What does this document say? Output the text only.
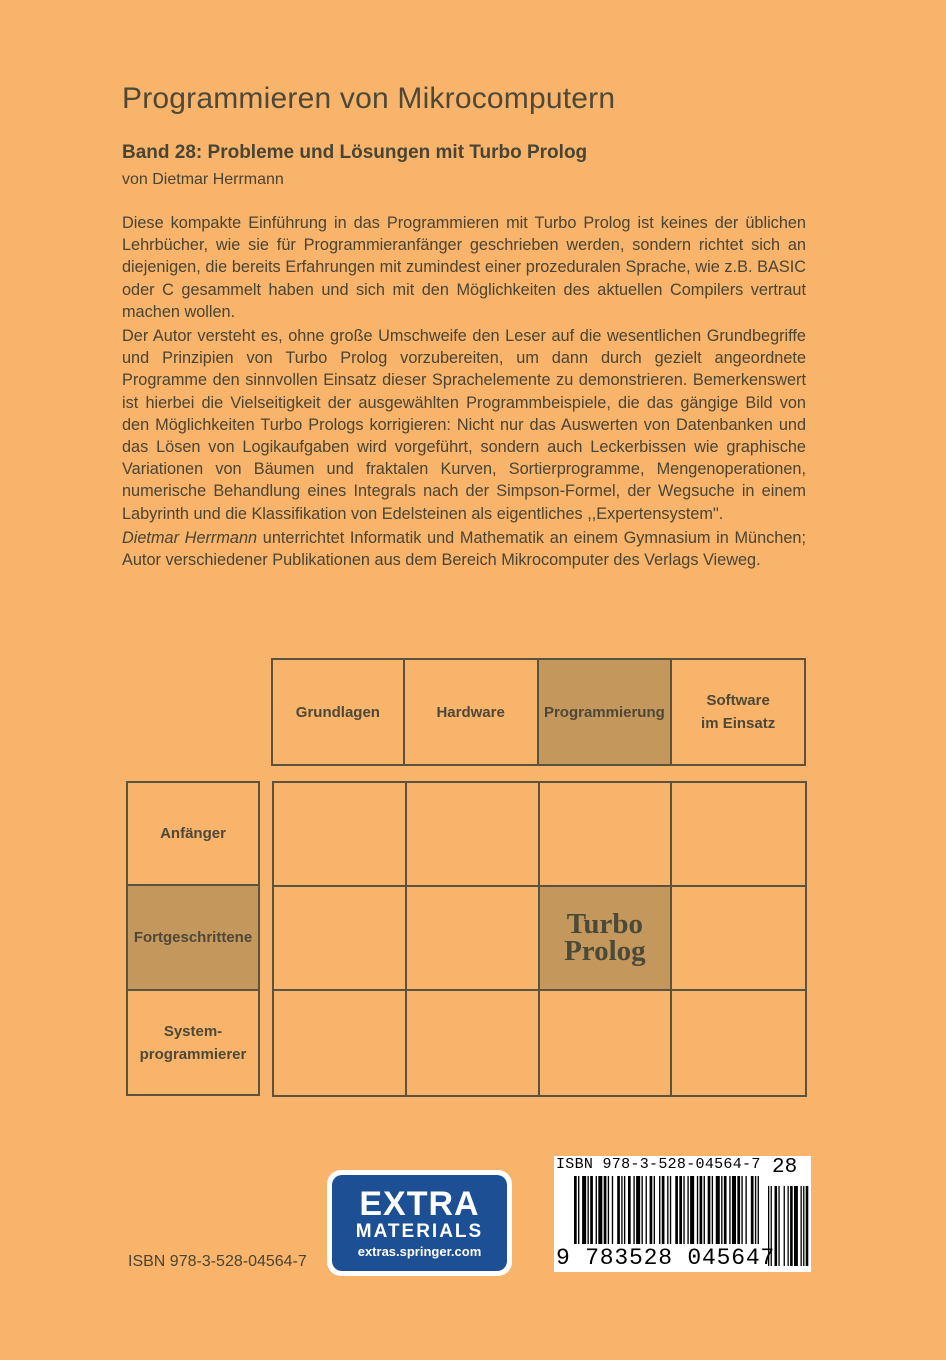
Programmieren von Mikrocomputern
Band 28: Probleme und Lösungen mit Turbo Prolog
von Dietmar Herrmann

Diese kompakte Einführung in das Programmieren mit Turbo Prolog ist keines der üblichen Lehrbücher, wie sie für Programmieranfänger geschrieben werden, sondern richtet sich an diejenigen, die bereits Erfahrungen mit zumindest einer prozeduralen Sprache, wie z.B. BASIC oder C gesammelt haben und sich mit den Möglichkeiten des aktuellen Compilers vertraut machen wollen.

Der Autor versteht es, ohne große Umschweife den Leser auf die wesentlichen Grundbegriffe und Prinzipien von Turbo Prolog vorzubereiten, um dann durch gezielt angeordnete Programme den sinnvollen Einsatz dieser Sprachelemente zu demonstrieren. Bemerkenswert ist hierbei die Vielseitigkeit der ausgewählten Programmbeispiele, die das gängige Bild von den Möglichkeiten Turbo Prologs korrigieren: Nicht nur das Auswerten von Datenbanken und das Lösen von Logikaufgaben wird vorgeführt, sondern auch Leckerbissen wie graphische Variationen von Bäumen und fraktalen Kurven, Sortierprogramme, Mengenoperationen, numerische Behandlung eines Integrals nach der Simpson-Formel, der Wegsuche in einem Labyrinth und die Klassifikation von Edelsteinen als eigentliches ,,Expertensystem".

Dietmar Herrmann unterrichtet Informatik und Mathematik an einem Gymnasium in München; Autor verschiedener Publikationen aus dem Bereich Mikrocomputer des Verlags Vieweg.

Grundlagen	Hardware	Programmierung
Software
im Einsatz
Anfänger
Fortgeschrittene
System-
programmierer
Turbo
Prolog
EXTRA
MATERIALS
extras.springer.com
ISBN 978-3-528-04564-7
ISBN 978-3-528-04564-7 28
9 783528 045647
